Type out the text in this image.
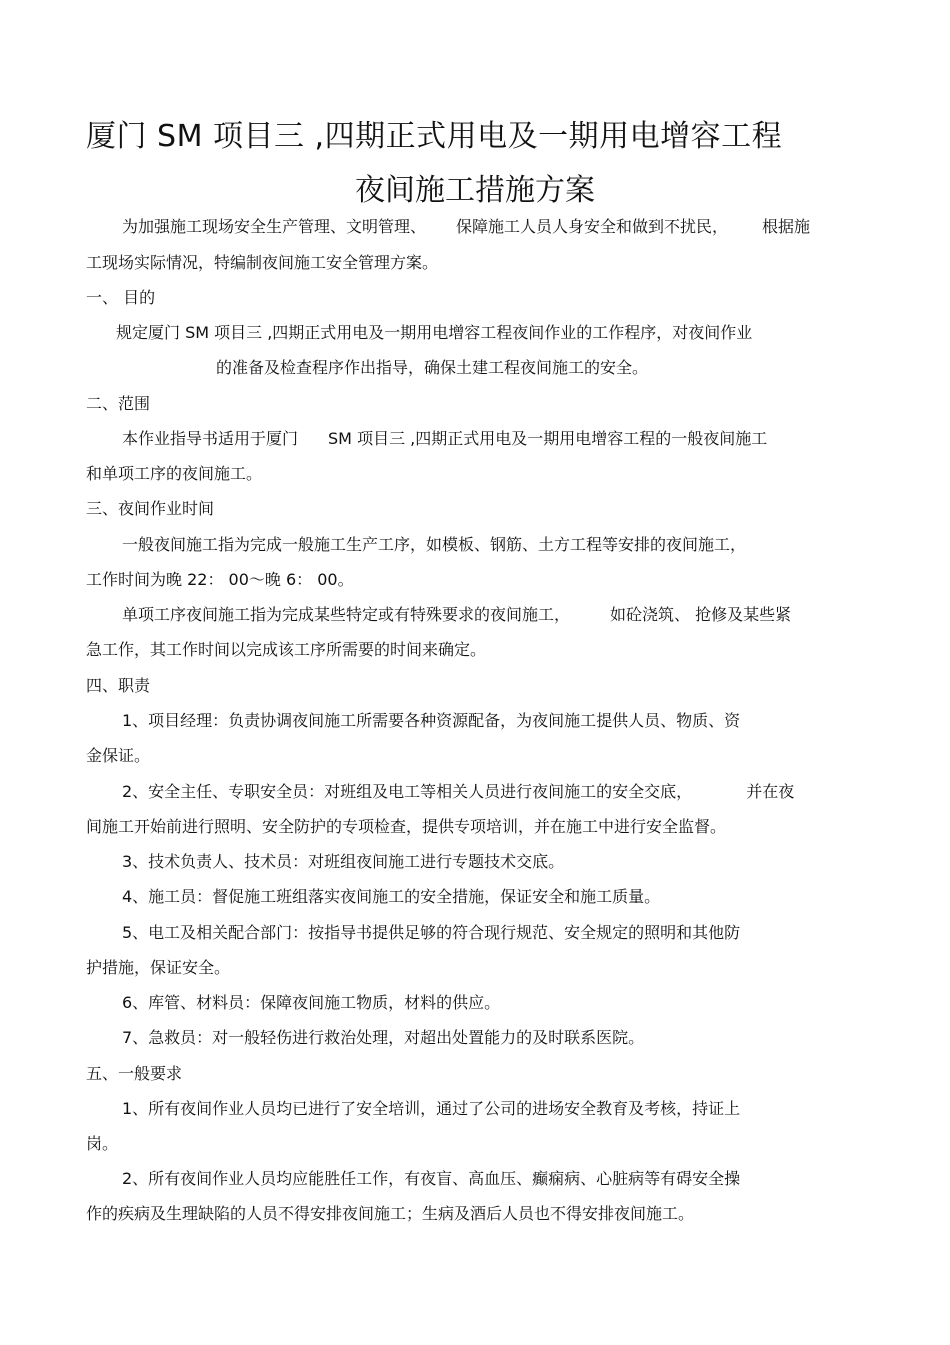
厦门 SM 项目三 ,四期正式用电及一期用电增容工程
夜间施工措施方案
为加强施工现场安全生产管理、文明管理、 保障施工人员人身安全和做到不扰民， 根据施
工现场实际情况，特编制夜间施工安全管理方案。
一、 目的
规定厦门 SM 项目三 ,四期正式用电及一期用电增容工程夜间作业的工作程序，对夜间作业
的准备及检查程序作出指导，确保土建工程夜间施工的安全。
二、范围
本作业指导书适用于厦门 SM 项目三 ,四期正式用电及一期用电增容工程的一般夜间施工
和单项工序的夜间施工。
三、夜间作业时间
一般夜间施工指为完成一般施工生产工序，如模板、钢筋、土方工程等安排的夜间施工，
工作时间为晚 22： 00～晚 6： 00。
单项工序夜间施工指为完成某些特定或有特殊要求的夜间施工，	如砼浇筑、 抢修及某些紧
急工作，其工作时间以完成该工序所需要的时间来确定。
四、职责
1、项目经理：负责协调夜间施工所需要各种资源配备，为夜间施工提供人员、物质、资
金保证。
2、安全主任、专职安全员：对班组及电工等相关人员进行夜间施工的安全交底，	并在夜
间施工开始前进行照明、安全防护的专项检查，提供专项培训，并在施工中进行安全监督。
3、技术负责人、技术员：对班组夜间施工进行专题技术交底。
4、施工员：督促施工班组落实夜间施工的安全措施，保证安全和施工质量。
5、电工及相关配合部门：按指导书提供足够的符合现行规范、安全规定的照明和其他防
护措施，保证安全。
6、库管、材料员：保障夜间施工物质，材料的供应。
7、急救员：对一般轻伤进行救治处理，对超出处置能力的及时联系医院。
五、一般要求
1、所有夜间作业人员均已进行了安全培训，通过了公司的进场安全教育及考核，持证上
岗。
2、所有夜间作业人员均应能胜任工作，有夜盲、高血压、癫痫病、心脏病等有碍安全操
作的疾病及生理缺陷的人员不得安排夜间施工；生病及酒后人员也不得安排夜间施工。
